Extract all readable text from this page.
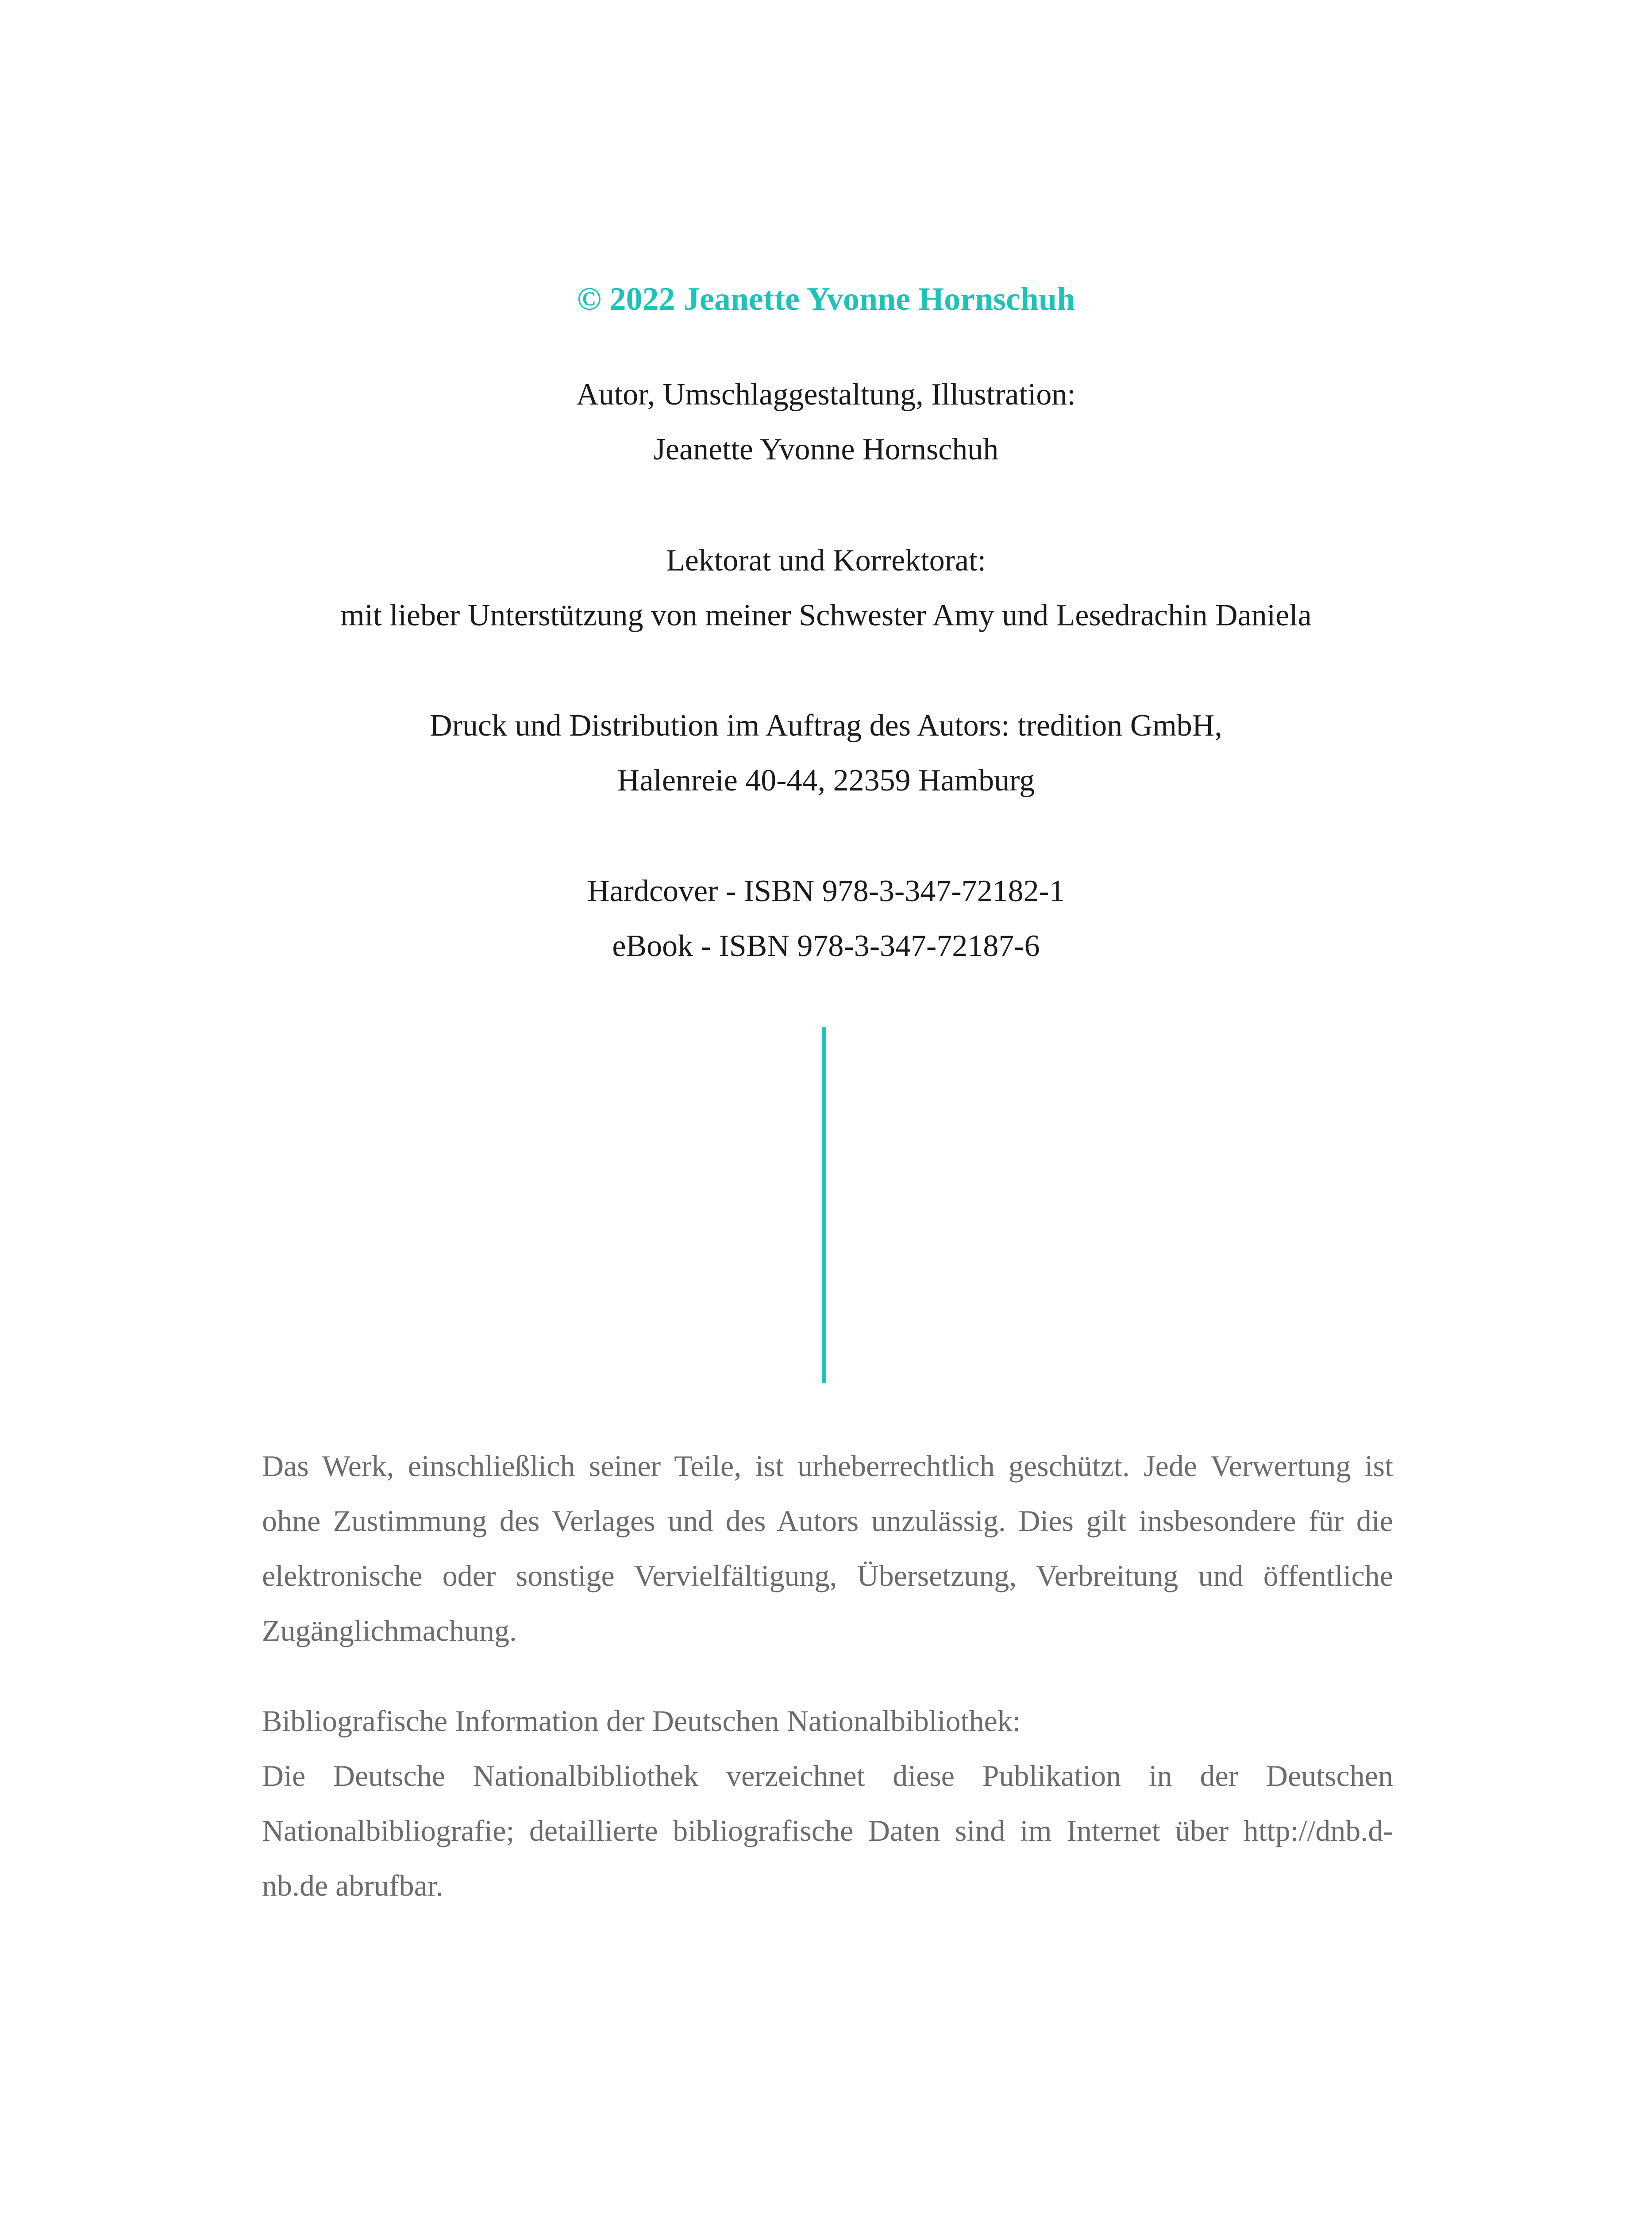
© 2022 Jeanette Yvonne Hornschuh
Autor, Umschlaggestaltung, Illustration:
Jeanette Yvonne Hornschuh
Lektorat und Korrektorat:
mit lieber Unterstützung von meiner Schwester Amy und Lesedrachin Daniela
Druck und Distribution im Auftrag des Autors: tredition GmbH,
Halenreie 40-44, 22359 Hamburg
Hardcover - ISBN 978-3-347-72182-1
eBook - ISBN 978-3-347-72187-6
Das Werk, einschließlich seiner Teile, ist urheberrechtlich geschützt. Jede Verwertung ist ohne Zustimmung des Verlages und des Autors unzulässig. Dies gilt insbesondere für die elektronische oder sonstige Vervielfältigung, Übersetzung, Verbreitung und öffentliche Zugänglichmachung.
Bibliografische Information der Deutschen Nationalbibliothek:
Die Deutsche Nationalbibliothek verzeichnet diese Publikation in der Deutschen Nationalbibliografie; detaillierte bibliografische Daten sind im Internet über http://dnb.d-nb.de abrufbar.
